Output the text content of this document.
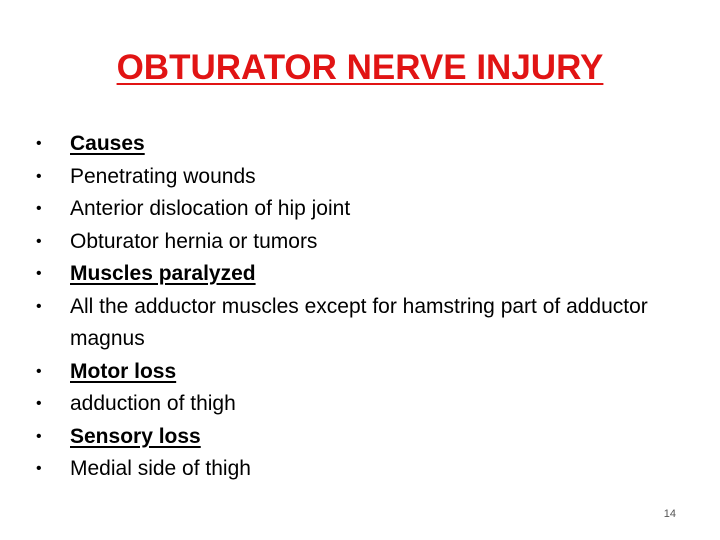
OBTURATOR NERVE INJURY
•	Causes
•	Penetrating wounds
•	Anterior dislocation of hip joint
•	Obturator hernia or tumors
•	Muscles paralyzed
•	All the adductor muscles except for hamstring part of adductor magnus
•	Motor loss
•	adduction of thigh
•	Sensory loss
•	Medial side of thigh
14
